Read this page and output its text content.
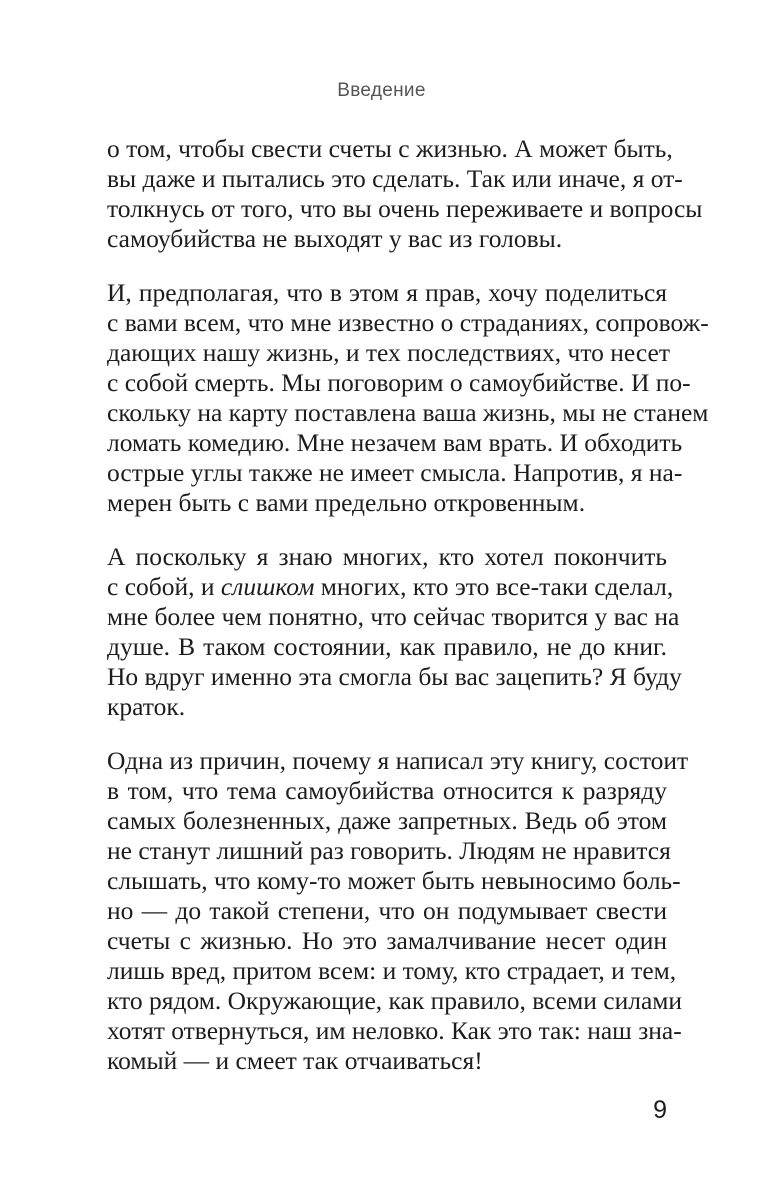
Введение

о том, чтобы свести счеты с жизнью. А может быть,
вы даже и пытались это сделать. Так или иначе, я от-
толкнусь от того, что вы очень переживаете и вопросы
самоубийства не выходят у вас из головы.

И, предполагая, что в этом я прав, хочу поделиться
с вами всем, что мне известно о страданиях, сопровож-
дающих нашу жизнь, и тех последствиях, что несет
с собой смерть. Мы поговорим о самоубийстве. И по-
скольку на карту поставлена ваша жизнь, мы не станем
ломать комедию. Мне незачем вам врать. И обходить
острые углы также не имеет смысла. Напротив, я на-
мерен быть с вами предельно откровенным.

А поскольку я знаю многих, кто хотел покончить
с собой, и слишком многих, кто это все-таки сделал,
мне более чем понятно, что сейчас творится у вас на
душе. В таком состоянии, как правило, не до книг.
Но вдруг именно эта смогла бы вас зацепить? Я буду
краток.

Одна из причин, почему я написал эту книгу, состоит
в том, что тема самоубийства относится к разряду
самых болезненных, даже запретных. Ведь об этом
не станут лишний раз говорить. Людям не нравится
слышать, что кому-то может быть невыносимо боль-
но — до такой степени, что он подумывает свести
счеты с жизнью. Но это замалчивание несет один
лишь вред, притом всем: и тому, кто страдает, и тем,
кто рядом. Окружающие, как правило, всеми силами
хотят отвернуться, им неловко. Как это так: наш зна-
комый — и смеет так отчаиваться!

9
